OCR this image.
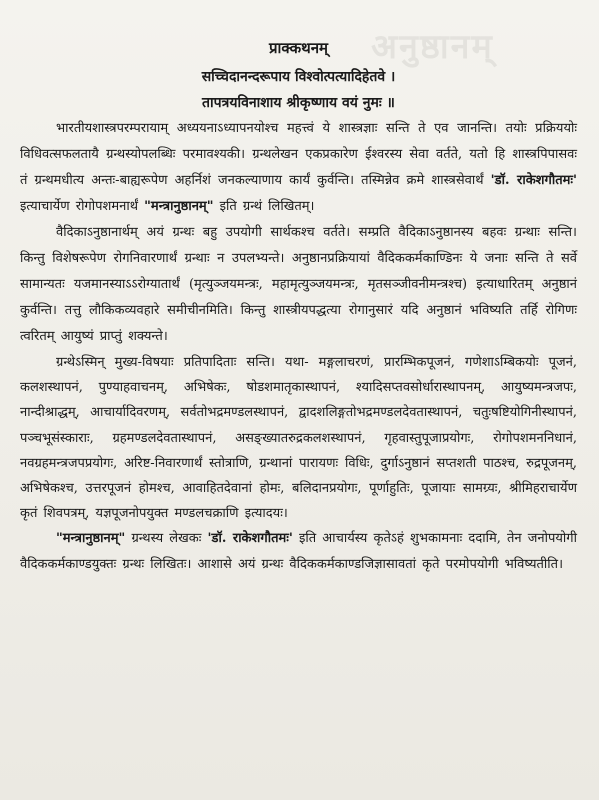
अनुष्ठानम्

प्राक्कथनम्

सच्चिदानन्दरूपाय विश्वोत्पत्यादिहेतवे ।

तापत्रयविनाशाय श्रीकृष्णाय वयं नुमः ॥

भारतीयशास्त्रपरम्परायाम् अध्ययनाऽध्यापनयोश्च महत्त्वं ये शास्त्रज्ञाः सन्ति ते एव जानन्ति। तयोः प्रक्रिययोः विधिवत्सफलतायै ग्रन्थस्योपलब्धिः परमावश्यकी। ग्रन्थलेखन एकप्रकारेण ईश्वरस्य सेवा वर्तते, यतो हि शास्त्रपिपासवः तं ग्रन्थमधीत्य अन्तः-बाह्यरूपेण अहर्निशं जनकल्याणाय कार्यं कुर्वन्ति। तस्मिन्नेव क्रमे शास्त्रसेवार्थं 'डॉ. राकेशगौतमः' इत्याचार्येण रोगोपशमनार्थं "मन्त्रानुष्ठानम्" इति ग्रन्थं लिखितम्।

वैदिकाऽनुष्ठानार्थम् अयं ग्रन्थः बहु उपयोगी सार्थकश्च वर्तते। सम्प्रति वैदिकाऽनुष्ठानस्य बहवः ग्रन्थाः सन्ति। किन्तु विशेषरूपेण रोगनिवारणार्थं ग्रन्थाः न उपलभ्यन्ते। अनुष्ठानप्रक्रियायां वैदिककर्मकाण्डिनः ये जनाः सन्ति ते सर्वे सामान्यतः यजमानस्याऽऽरोग्यातार्थं (मृत्युञ्जयमन्त्रः, महामृत्युञ्जयमन्त्रः, मृतसञ्जीवनीमन्त्रश्च) इत्याधारितम् अनुष्ठानं कुर्वन्ति। तत्तु लौकिकव्यवहारे समीचीनमिति। किन्तु शास्त्रीयपद्धत्या रोगानुसारं यदि अनुष्ठानं भविष्यति तर्हि रोगिणः त्वरितम् आयुष्यं प्राप्तुं शक्यन्ते।

ग्रन्थेऽस्मिन् मुख्य-विषयाः प्रतिपादिताः सन्ति। यथा- मङ्गलाचरणं, प्रारम्भिकपूजनं, गणेशाऽम्बिकयोः पूजनं, कलशस्थापनं, पुण्याहवाचनम्, अभिषेकः, षोडशमातृकास्थापनं, श्यादिसप्तवसोर्धारास्थापनम्, आयुष्यमन्त्रजपः, नान्दीश्राद्धम्, आचार्यादिवरणम्, सर्वतोभद्रमण्डलस्थापनं, द्वादशलिङ्गतोभद्रमण्डलदेवतास्थापनं, चतुःषष्टियोगिनीस्थापनं, पञ्चभूसंस्काराः, ग्रहमण्डलदेवतास्थापनं, असङ्ख्यातरुद्रकलशस्थापनं, गृहवास्तुपूजाप्रयोगः, रोगोपशमननिधानं, नवग्रहमन्त्रजपप्रयोगः, अरिष्ट-निवारणार्थं स्तोत्राणि, ग्रन्थानां पारायणः विधिः, दुर्गाऽनुष्ठानं सप्तशती पाठश्च, रुद्रपूजनम्, अभिषेकश्च, उत्तरपूजनं होमश्च, आवाहितदेवानां होमः, बलिदानप्रयोगः, पूर्णाहुतिः, पूजायाः सामग्र्यः, श्रीमिहराचार्येण कृतं शिवपत्रम्, यज्ञपूजनोपयुक्त मण्डलचक्राणि इत्यादयः।

"मन्त्रानुष्ठानम्" ग्रन्थस्य लेखकः 'डॉ. राकेशगौतमः' इति आचार्यस्य कृतेऽहं शुभकामनाः ददामि, तेन जनोपयोगी वैदिककर्मकाण्डयुक्तः ग्रन्थः लिखितः। आशासे अयं ग्रन्थः वैदिककर्मकाण्डजिज्ञासावतां कृते परमोपयोगी भविष्यतीति।
